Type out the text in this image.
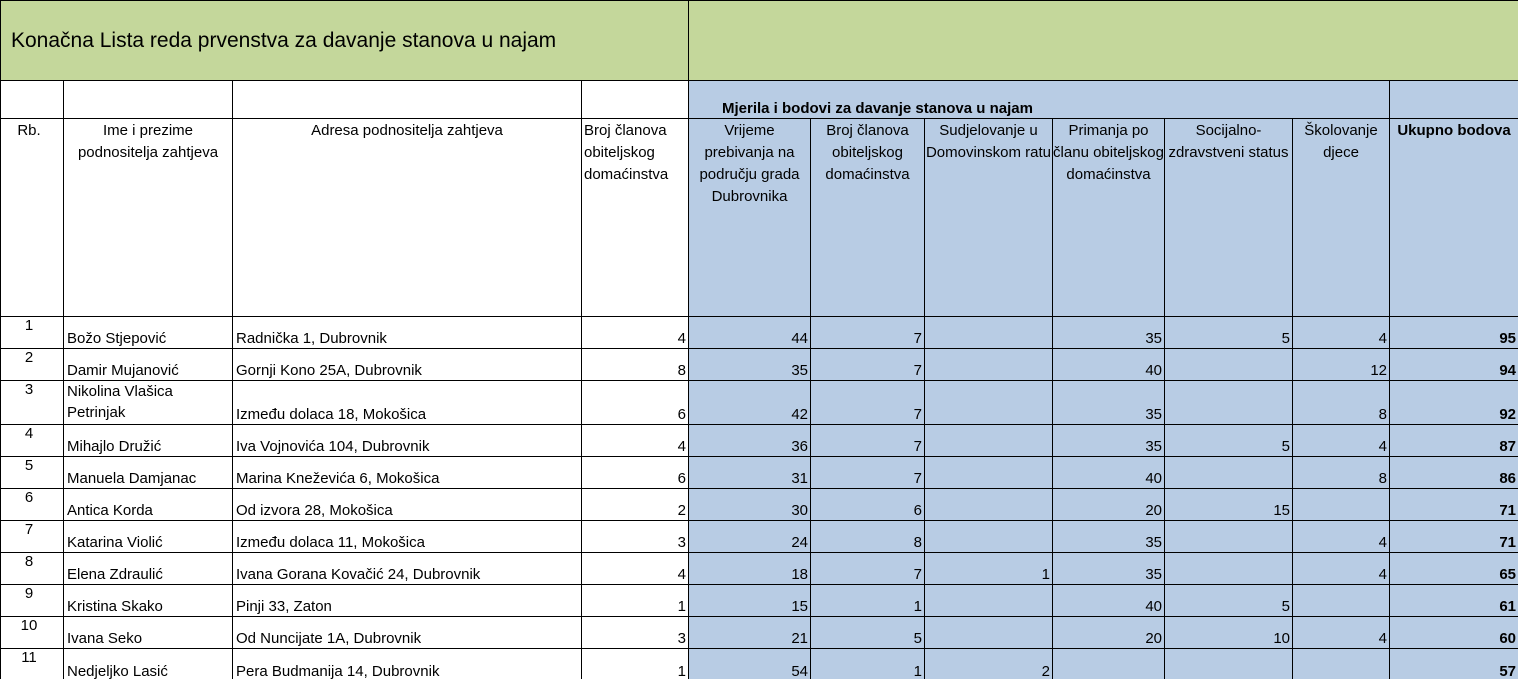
Konačna Lista reda prvenstva za davanje stanova u najam										
				Mjerila i bodovi za davanje stanova u najam						
Rb.	Ime i prezime podnositelja zahtjeva	Adresa podnositelja zahtjeva	Broj članova obiteljskog domaćinstva	Vrijeme prebivanja na području grada Dubrovnika	Broj članova obiteljskog domaćinstva	Sudjelovanje u Domovinskom ratu	Primanja po članu obiteljskog domaćinstva	Socijalno-zdravstveni status	Školovanje djece	Ukupno bodova
1	Božo Stjepović	Radnička 1, Dubrovnik	4	44	7		35	5	4	95
2	Damir Mujanović	Gornji Kono 25A, Dubrovnik	8	35	7		40		12	94
3	Nikolina Vlašica Petrinjak	Između dolaca 18, Mokošica	6	42	7		35		8	92
4	Mihajlo Družić	Iva Vojnovića 104, Dubrovnik	4	36	7		35	5	4	87
5	Manuela Damjanac	Marina Kneževića 6, Mokošica	6	31	7		40		8	86
6	Antica Korda	Od izvora 28, Mokošica	2	30	6		20	15		71
7	Katarina Violić	Između dolaca 11, Mokošica	3	24	8		35		4	71
8	Elena Zdraulić	Ivana Gorana Kovačić 24, Dubrovnik	4	18	7	1	35		4	65
9	Kristina Skako	Pinji 33, Zaton	1	15	1		40	5		61
10	Ivana Seko	Od Nuncijate 1A, Dubrovnik	3	21	5		20	10	4	60
11	Nedjeljko Lasić	Pera Budmanija 14, Dubrovnik	1	54	1	2				57
